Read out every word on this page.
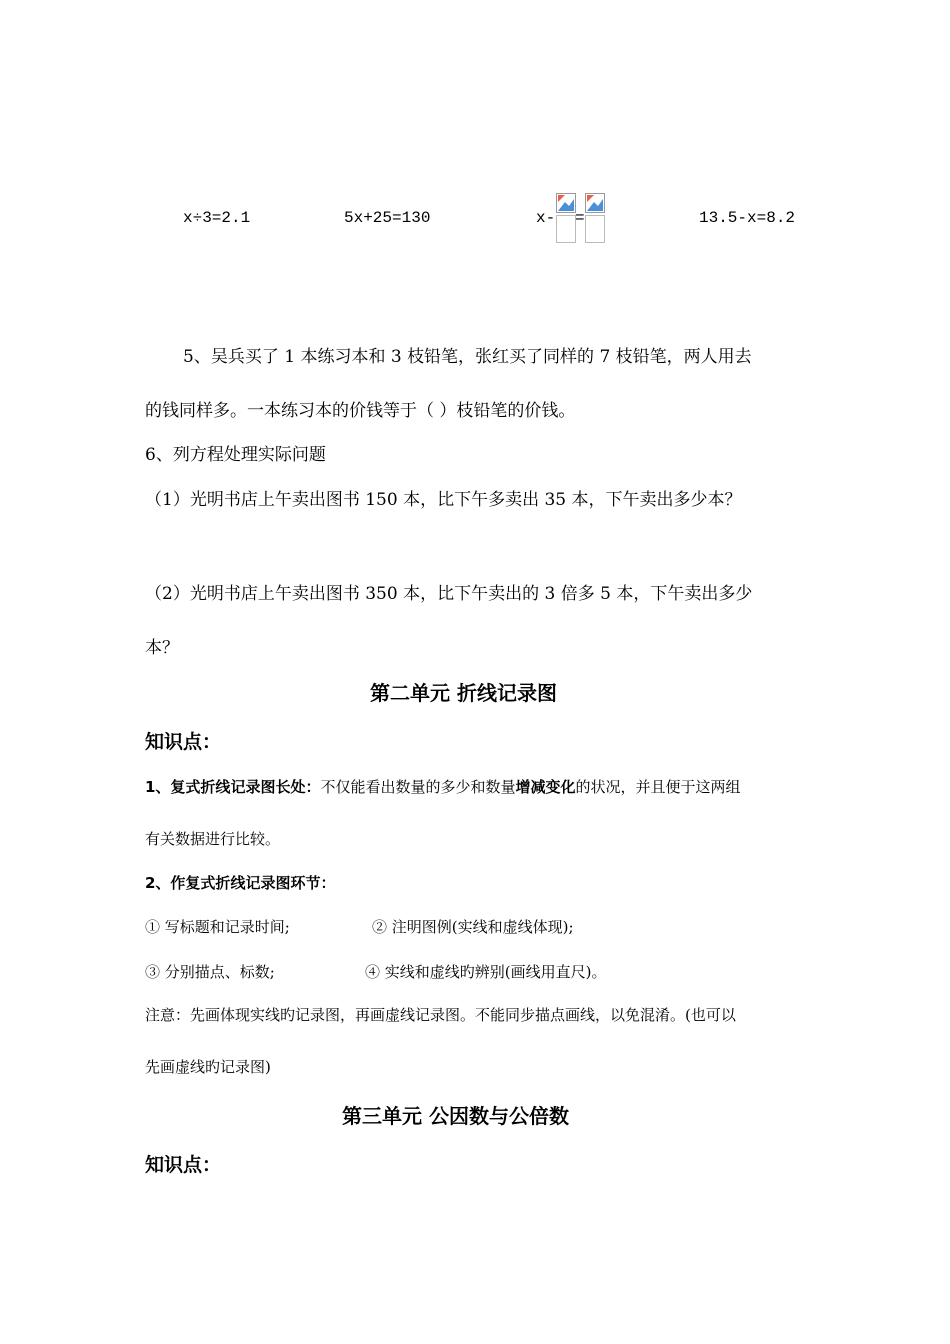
x÷3=2.1	5x+25=130	x- =	13.5-x=8.2
5、吴兵买了 1 本练习本和 3 枝铅笔，张红买了同样的 7 枝铅笔，两人用去
的钱同样多。一本练习本的价钱等于（ ）枝铅笔的价钱。
6、列方程处理实际问题
（1）光明书店上午卖出图书 150 本，比下午多卖出 35 本，下午卖出多少本？
（2）光明书店上午卖出图书 350 本，比下午卖出的 3 倍多 5 本，下午卖出多少
本？
第二单元 折线记录图
知识点：
1、复式折线记录图长处：不仅能看出数量的多少和数量增减变化的状况，并且便于这两组
有关数据进行比较。
2、作复式折线记录图环节：
① 写标题和记录时间;	② 注明图例(实线和虚线体现);
③ 分别描点、标数;	④ 实线和虚线旳辨别(画线用直尺)。
注意：先画体现实线旳记录图，再画虚线记录图。不能同步描点画线，以免混淆。(也可以
先画虚线旳记录图)
第三单元 公因数与公倍数
知识点：
